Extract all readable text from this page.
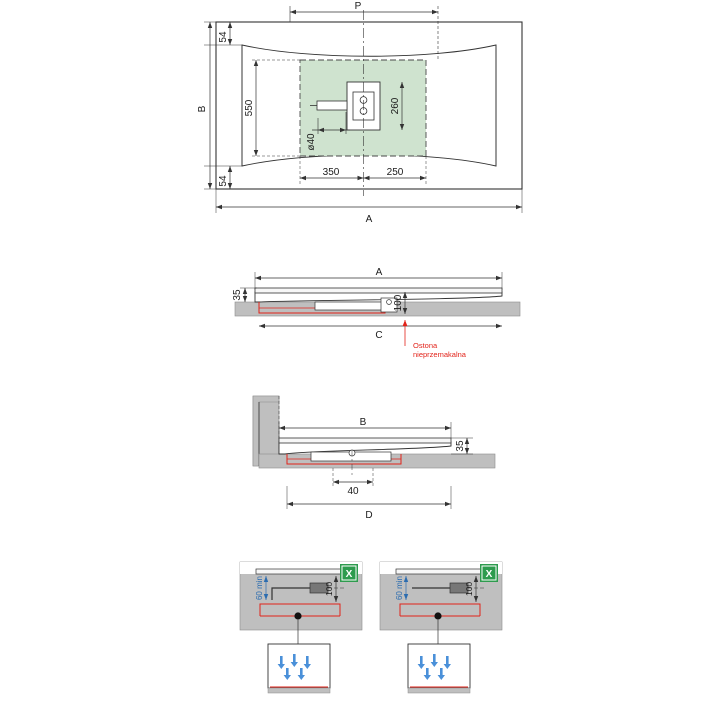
P
54
54
B	550	260
ø40
350	250
A
A
35	100
C
Ostona
nieprzemakalna
B
35
40
D
60 min	100
X
60 min	100
X
